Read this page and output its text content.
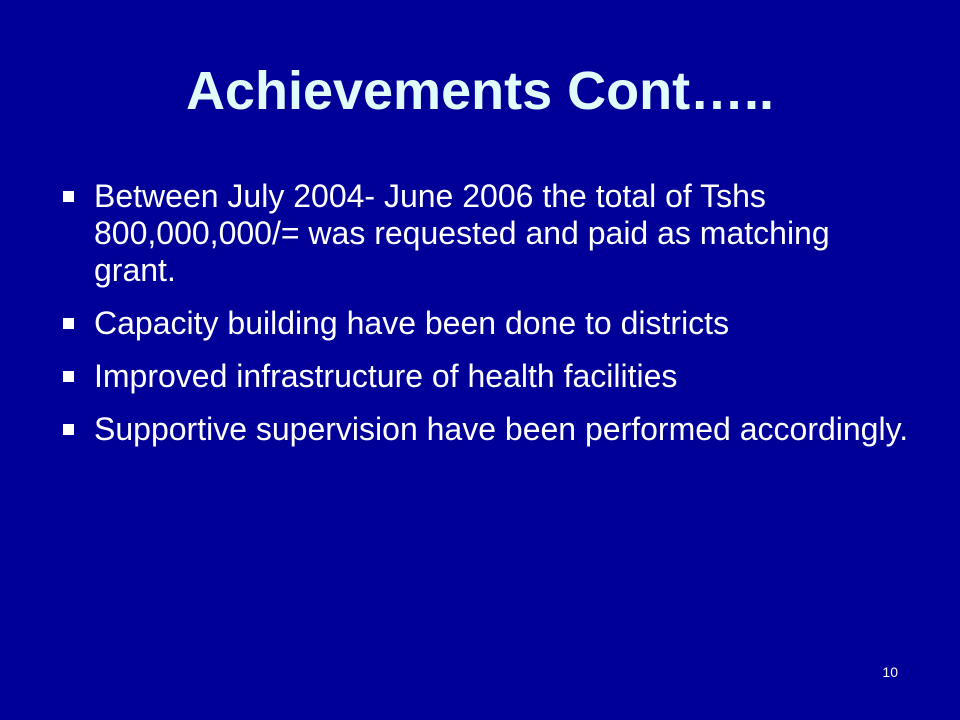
Achievements Cont…..
Between July 2004- June 2006 the total of Tshs 800,000,000/= was requested and paid as matching grant.
Capacity building have been done to districts
Improved infrastructure of health facilities
Supportive supervision have been performed accordingly.
10
